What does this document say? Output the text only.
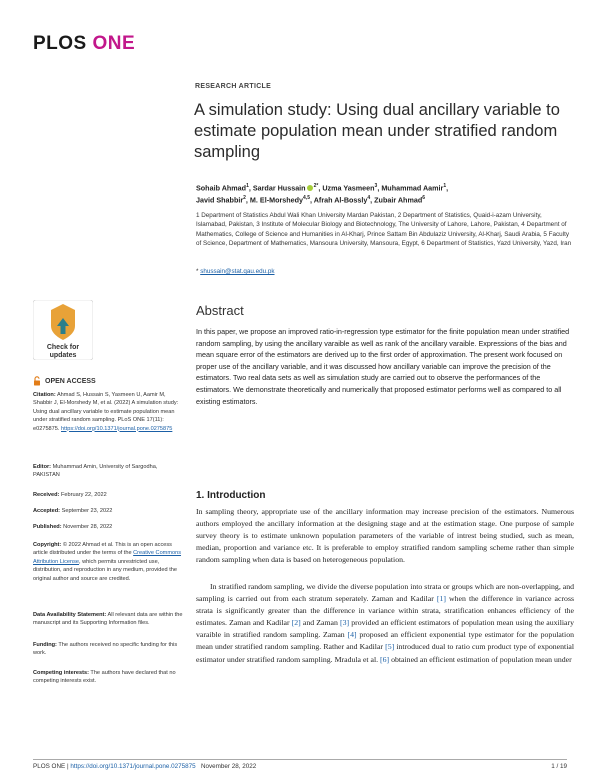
PLOS ONE
RESEARCH ARTICLE
A simulation study: Using dual ancillary variable to estimate population mean under stratified random sampling
Sohaib Ahmad$^1$, Sardar Hussain $^{2*}$, Uzma Yasmeen$^3$, Muhammad Aamir$^1$,
Javid Shabbir$^2$, M. El-Morshedy$^{4,5}$, Afrah Al-Bossly$^4$, Zubair Ahmad$^6$
1 Department of Statistics Abdul Wali Khan University Mardan Pakistan, 2 Department of Statistics, Quaid-i-azam University, Islamabad, Pakistan, 3 Institute of Molecular Biology and Biotechnology, The University of Lahore, Lahore, Pakistan, 4 Department of Mathematics, College of Science and Humanities in Al-Kharj, Prince Sattam Bin Abdulaziz University, Al-Kharj, Saudi Arabia, 5 Faculty of Science, Department of Mathematics, Mansoura University, Mansoura, Egypt, 6 Department of Statistics, Yazd University, Yazd, Iran
* shussain@stat.qau.edu.pk
Abstract
In this paper, we propose an improved ratio-in-regression type estimator for the finite population mean under stratified random sampling, by using the ancillary varaible as well as rank of the ancillary varaible. Expressions of the bias and mean square error of the estimators are derived up to the first order of approximation. The present work focused on proper use of the ancillary variable, and it was discussed how ancillary variable can improve the precision of the estimators. Two real data sets as well as simulation study are carried out to observe the performances of the estimators. We demonstrate theoretically and numerically that proposed estimator performs well as compared to all existing estimators.
Check for
updates
OPEN ACCESS
Citation: Ahmad S, Hussain S, Yasmeen U, Aamir M, Shabbir J, El-Morshedy M, et al. (2022) A simulation study: Using dual ancillary variable to estimate population mean under stratified random sampling. PLoS ONE 17(11): e0275875. https://doi.org/10.1371/journal.pone.0275875
Editor: Muhammad Amin, University of Sargodha, PAKISTAN
Received: February 22, 2022
Accepted: September 23, 2022
Published: November 28, 2022
Copyright: © 2022 Ahmad et al. This is an open access article distributed under the terms of the Creative Commons Attribution License, which permits unrestricted use, distribution, and reproduction in any medium, provided the original author and source are credited.
Data Availability Statement: All relevant data are within the manuscript and its Supporting Information files.
Funding: The authors received no specific funding for this work.
Competing interests: The authors have declared that no competing interests exist.
1. Introduction
In sampling theory, appropriate use of the ancillary information may increase precision of the estimators. Numerous authors employed the ancillary information at the designing stage and at the estimation stage. One purpose of sample survey theory is to estimate unknown population parameters of the variable of intrest being studied, such as mean, median, proportion and variance etc. It is preferable to employ stratified random sampling scheme rather than simple random sampling when data is based on heterogeneous population.
In stratified random sampling, we divide the diverse population into strata or groups which are non-overlapping, and sampling is carried out from each stratum seperately. Zaman and Kadilar [1] when the difference in variance across strata is significantly greater than the difference in variance within strata, stratification enhances efficiency of the estimates. Zaman and Kadilar [2] and Zaman [3] provided an efficient estimators of population mean using the auxiliary varaible in stratified random sampling. Zaman [4] proposed an efficient exponential type estimator for the population mean under stratified random sampling. Rather and Kadilar [5] introduced dual to ratio cum product type of exponential estimator under stratified random sampling. Mradula et al. [6] obtained an efficient estimation of population mean under
PLOS ONE | https://doi.org/10.1371/journal.pone.0275875 November 28, 2022	1 / 19
